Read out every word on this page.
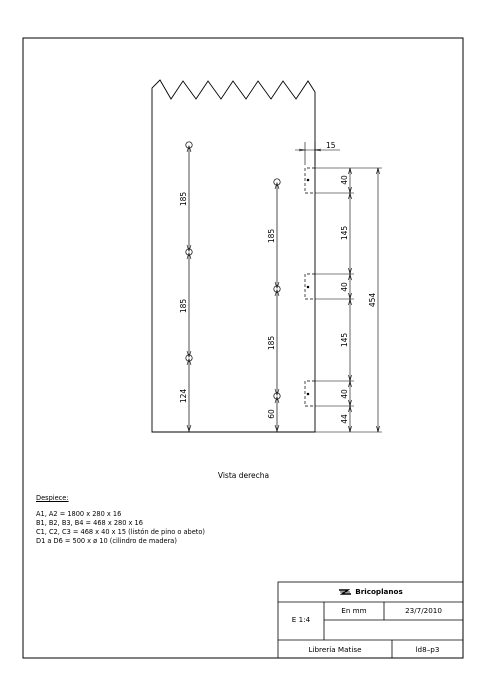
185
185
124
185
185
60
40
145
40
145
40
44
454
15
Vista derecha
Despiece:
A1, A2 = 1800 x 280 x 16
B1, B2, B3, B4 = 468 x 280 x 16
C1, C2, C3 = 468 x 40 x 15 (listón de pino o abeto)
D1 a D6 = 500 x ø 10 (cilindro de madera)
Bricoplanos
E 1:4
En mm	23/7/2010
Librería Matise	ld8–p3
